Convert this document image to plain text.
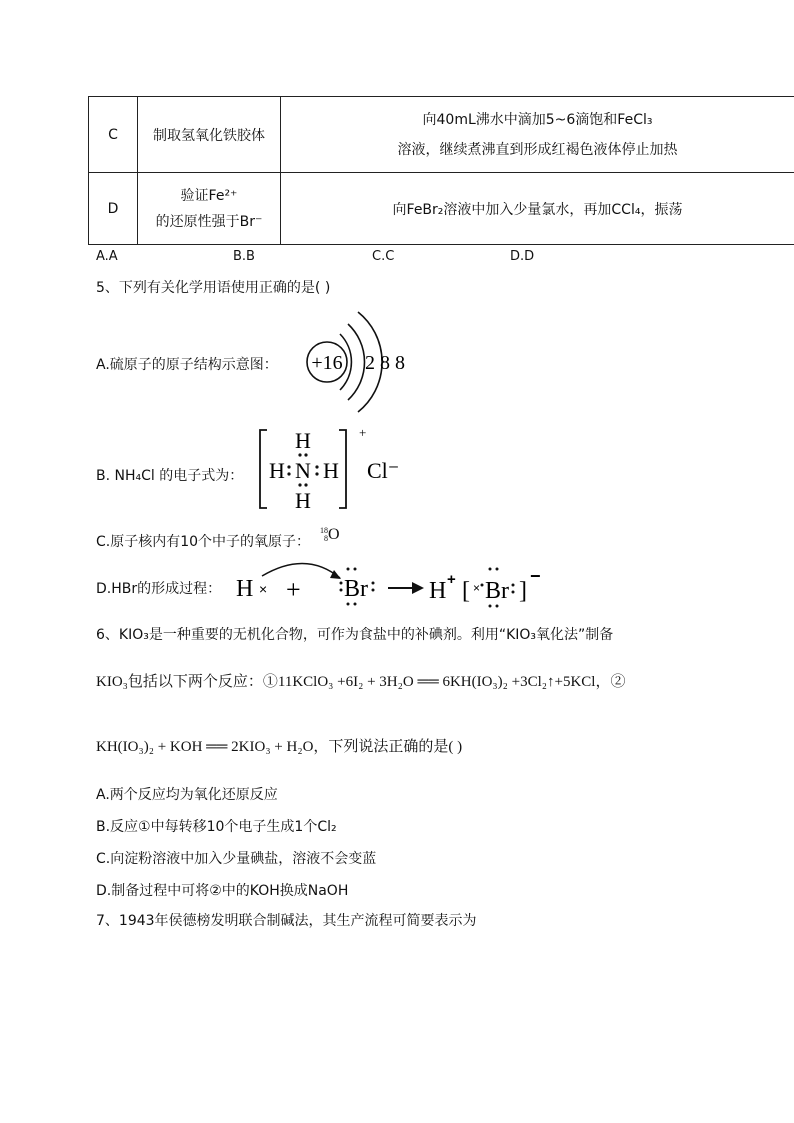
C	制取氢氧化铁胶体	向40mL沸水中滴加5~6滴饱和FeCl₃
溶液，继续煮沸直到形成红褐色液体停止加热

D	验证Fe²⁺
的还原性强于Br⁻	向FeBr₂溶液中加入少量氯水，再加CCl₄，振荡
A.A	B.B	C.C	D.D
5、下列有关化学用语使用正确的是( )
A.硫原子的原子结构示意图： +16 2 8 8
B. NH₄Cl 的电子式为：
H
H N H
H
+
Cl⁻
C.原子核内有10个中子的氧原子：
18
8O
D.HBr的形成过程： H × + Br	H + [ × Br ]
−
6、KIO₃是一种重要的无机化合物，可作为食盐中的补碘剂。利用“KIO₃氧化法”制备
KIO₃包括以下两个反应：①11KClO₃ +6I₂ + 3H₂O ══ 6KH(IO₃)₂ +3Cl₂↑+5KCl，②
KH(IO₃)₂ + KOH ══ 2KIO₃ + H₂O，下列说法正确的是( )
A.两个反应均为氧化还原反应
B.反应①中每转移10个电子生成1个Cl₂
C.向淀粉溶液中加入少量碘盐，溶液不会变蓝
D.制备过程中可将②中的KOH换成NaOH
7、1943年侯德榜发明联合制碱法，其生产流程可简要表示为
